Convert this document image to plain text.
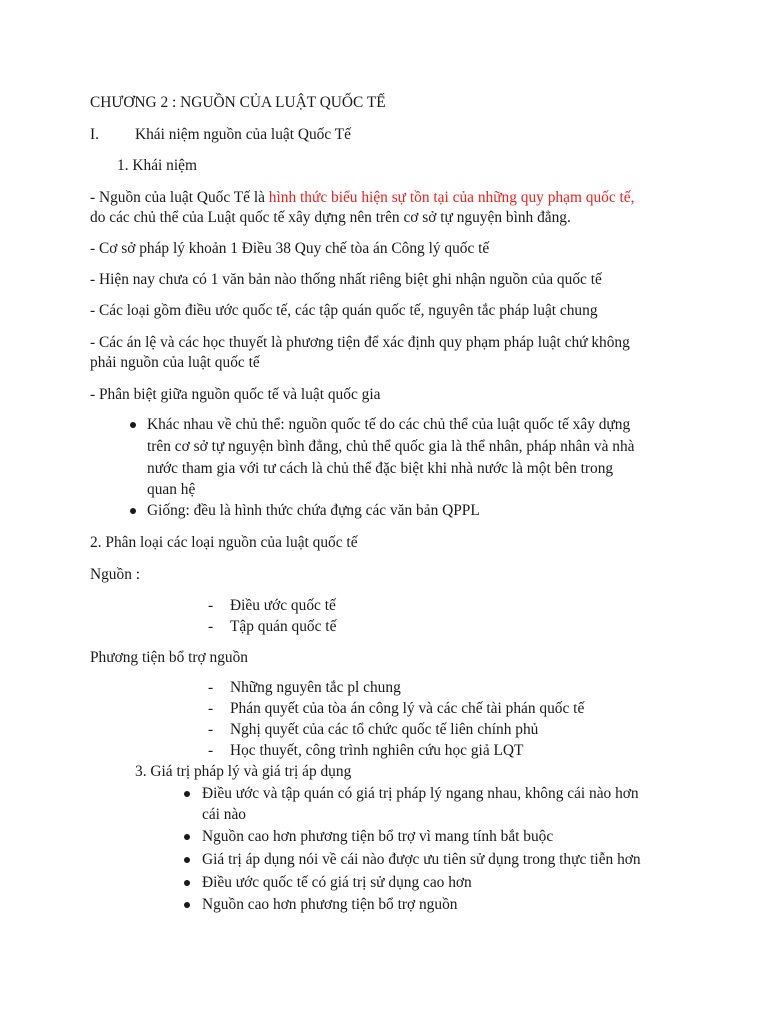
CHƯƠNG 2 : NGUỒN CỦA LUẬT QUỐC TẾ
I. Khái niệm nguồn của luật Quốc Tế
1. Khái niệm
- Nguồn của luật Quốc Tế là hình thức biểu hiện sự tồn tại của những quy phạm quốc tế,
do các chủ thể của Luật quốc tế xây dựng nên trên cơ sở tự nguyện bình đẳng.
- Cơ sở pháp lý khoản 1 Điều 38 Quy chế tòa án Công lý quốc tế
- Hiện nay chưa có 1 văn bản nào thống nhất riêng biệt ghi nhận nguồn của quốc tế
- Các loại gồm điều ước quốc tế, các tập quán quốc tế, nguyên tắc pháp luật chung
- Các án lệ và các học thuyết là phương tiện để xác định quy phạm pháp luật chứ không
phải nguồn của luật quốc tế
- Phân biệt giữa nguồn quốc tế và luật quốc gia
Khác nhau về chủ thể: nguồn quốc tế do các chủ thể của luật quốc tế xây dựng
trên cơ sở tự nguyện bình đẳng, chủ thể quốc gia là thể nhân, pháp nhân và nhà
nước tham gia với tư cách là chủ thể đặc biệt khi nhà nước là một bên trong
quan hệ
Giống: đều là hình thức chứa đựng các văn bản QPPL
2. Phân loại các loại nguồn của luật quốc tế
Nguồn :
- Điều ước quốc tế
- Tập quán quốc tế
Phương tiện bổ trợ nguồn
- Những nguyên tắc pl chung
- Phán quyết của tòa án công lý và các chế tài phán quốc tế
- Nghị quyết của các tổ chức quốc tế liên chính phủ
- Học thuyết, công trình nghiên cứu học giả LQT
3. Giá trị pháp lý và giá trị áp dụng
Điều ước và tập quán có giá trị pháp lý ngang nhau, không cái nào hơn
cái nào
Nguồn cao hơn phương tiện bổ trợ vì mang tính bắt buộc
Giá trị áp dụng nói về cái nào được ưu tiên sử dụng trong thực tiễn hơn
Điều ước quốc tế có giá trị sử dụng cao hơn
Nguồn cao hơn phương tiện bổ trợ nguồn
